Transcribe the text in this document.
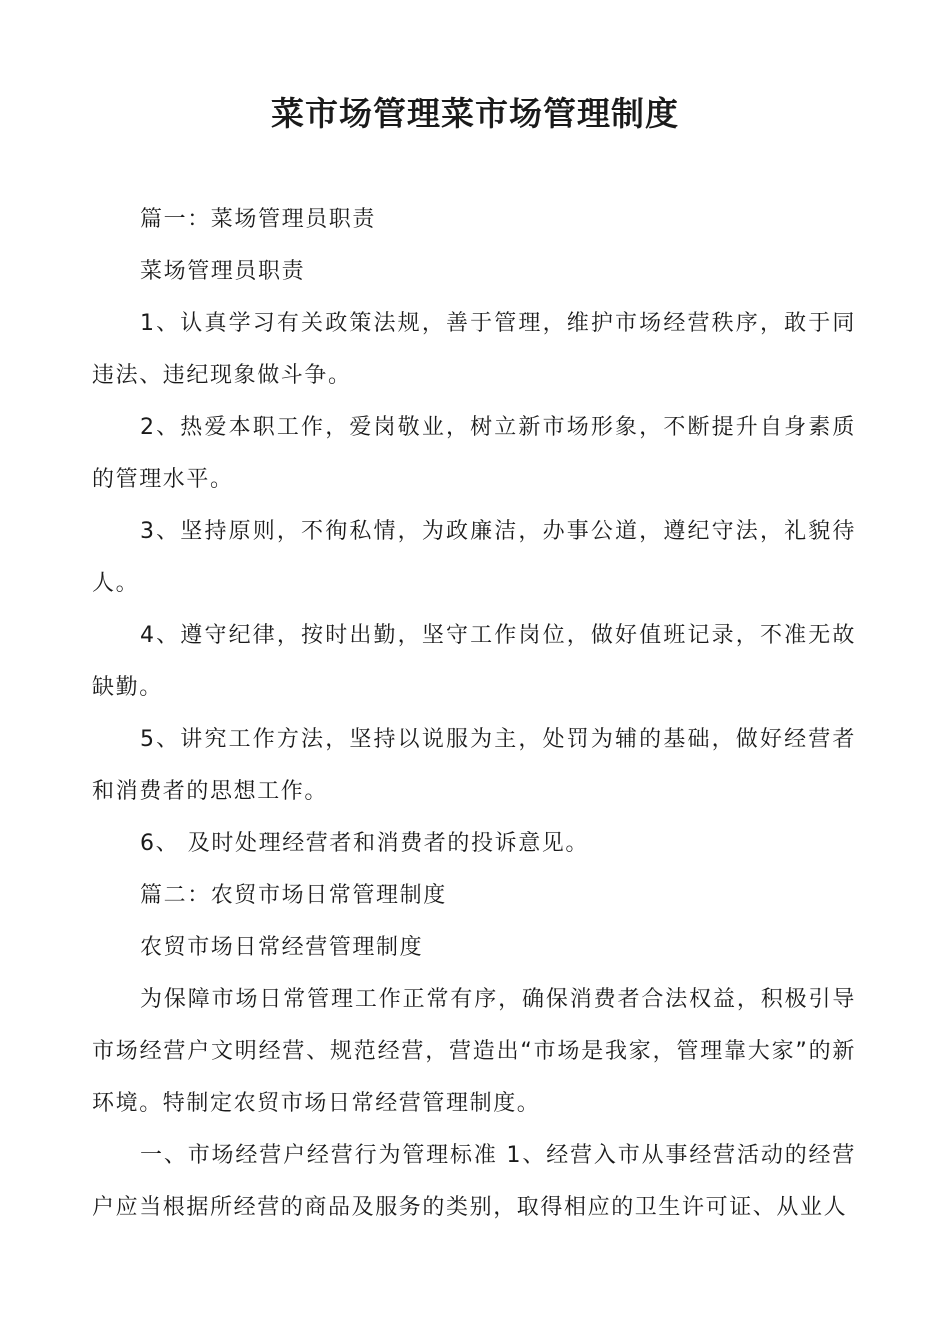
菜市场管理菜市场管理制度

篇一：菜场管理员职责

菜场管理员职责

1、认真学习有关政策法规，善于管理，维护市场经营秩序，敢于同违法、违纪现象做斗争。

2、热爱本职工作，爱岗敬业，树立新市场形象，不断提升自身素质的管理水平。

3、坚持原则，不徇私情，为政廉洁，办事公道，遵纪守法，礼貌待人。

4、遵守纪律，按时出勤，坚守工作岗位，做好值班记录，不准无故缺勤。

5、讲究工作方法，坚持以说服为主，处罚为辅的基础，做好经营者和消费者的思想工作。

6、 及时处理经营者和消费者的投诉意见。

篇二：农贸市场日常管理制度

农贸市场日常经营管理制度

为保障市场日常管理工作正常有序，确保消费者合法权益，积极引导市场经营户文明经营、规范经营，营造出“市场是我家，管理靠大家”的新环境。特制定农贸市场日常经营管理制度。

一、市场经营户经营行为管理标准 1、经营入市从事经营活动的经营户应当根据所经营的商品及服务的类别，取得相应的卫生许可证、从业人
